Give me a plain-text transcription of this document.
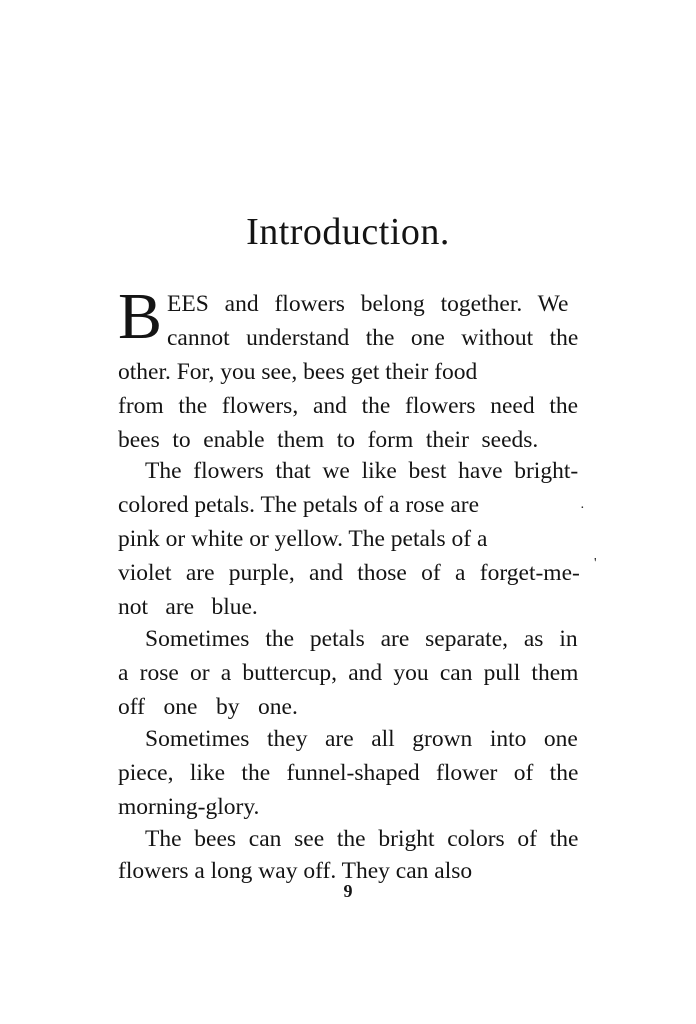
Introduction.
B EES and flowers belong together. We
cannot understand the one without the
other. For, you see, bees get their food
from the flowers, and the flowers need the
bees to enable them to form their seeds.
The flowers that we like best have bright-
colored petals. The petals of a rose are	·
pink or white or yellow. The petals of a
violet are purple, and those of a forget-me- '
not are blue.
Sometimes the petals are separate, as in
a rose or a buttercup, and you can pull them
off one by one.
Sometimes they are all grown into one
piece, like the funnel-shaped flower of the
morning-glory.
The bees can see the bright colors of the
flowers a long way off. They can also
9
